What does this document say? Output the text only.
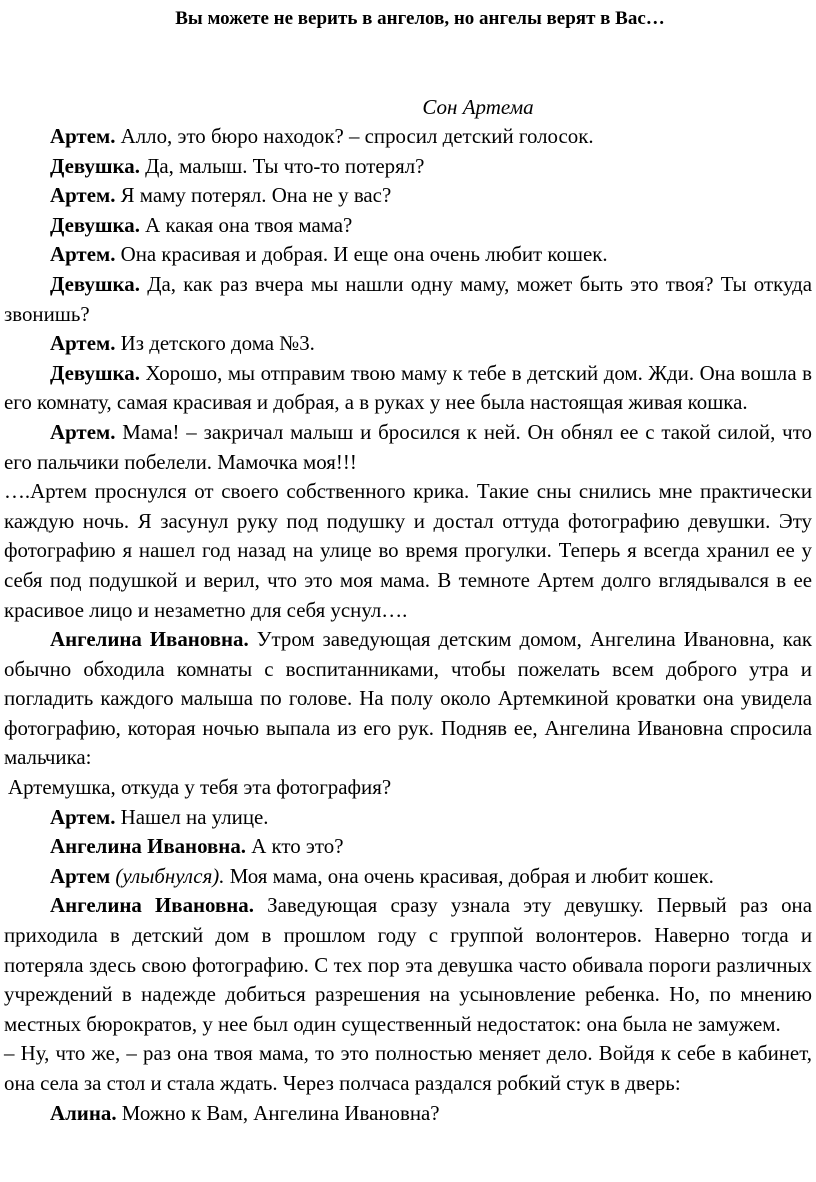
Вы можете не верить в ангелов, но ангелы верят в Вас…
Сон Артема

Артем. Алло, это бюро находок? – спросил детский голосок.

Девушка. Да, малыш. Ты что-то потерял?

Артем. Я маму потерял. Она не у вас?

Девушка. А какая она твоя мама?

Артем. Она красивая и добрая. И еще она очень любит кошек.

Девушка. Да, как раз вчера мы нашли одну маму, может быть это твоя? Ты откуда звонишь?

Артем. Из детского дома №3.

Девушка. Хорошо, мы отправим твою маму к тебе в детский дом. Жди. Она вошла в его комнату, самая красивая и добрая, а в руках у нее была настоящая живая кошка.

Артем. Мама! – закричал малыш и бросился к ней. Он обнял ее с такой силой, что его пальчики побелели. Мамочка моя!!!

….Артем проснулся от своего собственного крика. Такие сны снились мне практически каждую ночь. Я засунул руку под подушку и достал оттуда фотографию девушки. Эту фотографию я нашел год назад на улице во время прогулки. Теперь я всегда хранил ее у себя под подушкой и верил, что это моя мама. В темноте Артем долго вглядывался в ее красивое лицо и незаметно для себя уснул….

Ангелина Ивановна. Утром заведующая детским домом, Ангелина Ивановна, как обычно обходила комнаты с воспитанниками, чтобы пожелать всем доброго утра и погладить каждого малыша по голове. На полу около Артемкиной кроватки она увидела фотографию, которая ночью выпала из его рук. Подняв ее, Ангелина Ивановна спросила мальчика:

Артемушка, откуда у тебя эта фотография?

Артем. Нашел на улице.

Ангелина Ивановна. А кто это?

Артем (улыбнулся). Моя мама, она очень красивая, добрая и любит кошек.

Ангелина Ивановна. Заведующая сразу узнала эту девушку. Первый раз она приходила в детский дом в прошлом году с группой волонтеров. Наверно тогда и потеряла здесь свою фотографию. С тех пор эта девушка часто обивала пороги различных учреждений в надежде добиться разрешения на усыновление ребенка. Но, по мнению местных бюрократов, у нее был один существенный недостаток: она была не замужем.

– Ну, что же, – раз она твоя мама, то это полностью меняет дело. Войдя к себе в кабинет, она села за стол и стала ждать. Через полчаса раздался робкий стук в дверь:

Алина. Можно к Вам, Ангелина Ивановна?
